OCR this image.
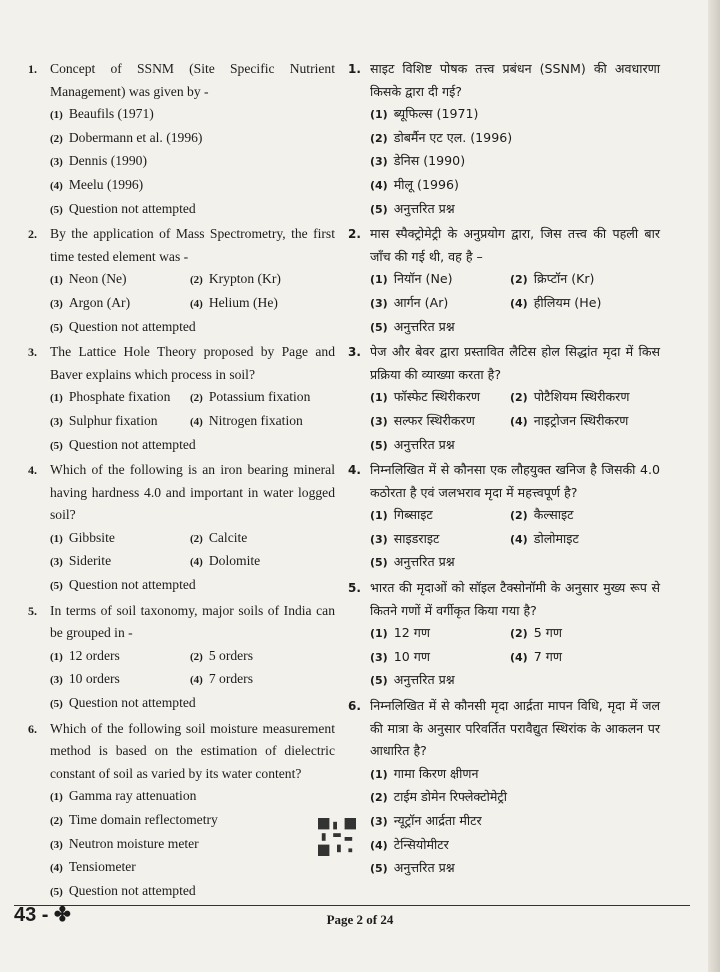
1. Concept of SSNM (Site Specific Nutrient Management) was given by -
(1) Beaufils (1971)
(2) Dobermann et al. (1996)
(3) Dennis (1990)
(4) Meelu (1996)
(5) Question not attempted
2. By the application of Mass Spectrometry, the first time tested element was -
(1) Neon (Ne)	(2) Krypton (Kr)
(3) Argon (Ar)	(4) Helium (He)
(5) Question not attempted
3. The Lattice Hole Theory proposed by Page and Baver explains which process in soil?
(1) Phosphate fixation	(2) Potassium fixation
(3) Sulphur fixation	(4) Nitrogen fixation
(5) Question not attempted
4. Which of the following is an iron bearing mineral having hardness 4.0 and important in water logged soil?
(1) Gibbsite	(2) Calcite
(3) Siderite	(4) Dolomite
(5) Question not attempted
5. In terms of soil taxonomy, major soils of India can be grouped in -
(1) 12 orders	(2) 5 orders
(3) 10 orders	(4) 7 orders
(5) Question not attempted
6. Which of the following soil moisture measurement method is based on the estimation of dielectric constant of soil as varied by its water content?
(1) Gamma ray attenuation
(2) Time domain reflectometry
(3) Neutron moisture meter
(4) Tensiometer
(5) Question not attempted
1. साइट विशिष्ट पोषक तत्त्व प्रबंधन (SSNM) की अवधारणा किसके द्वारा दी गई?
(1) ब्यूफिल्स (1971)
(2) डोबर्मैन एट एल. (1996)
(3) डेनिस (1990)
(4) मीलू (1996)
(5) अनुत्तरित प्रश्न
2. मास स्पैक्ट्रोमेट्री के अनुप्रयोग द्वारा, जिस तत्त्व की पहली बार जाँच की गई थी, वह है –
(1) नियॉन (Ne)	(2) क्रिप्टॉन (Kr)
(3) आर्गन (Ar)	(4) हीलियम (He)
(5) अनुत्तरित प्रश्न
3. पेज और बेवर द्वारा प्रस्तावित लैटिस होल सिद्धांत मृदा में किस प्रक्रिया की व्याख्या करता है?
(1) फॉस्फेट स्थिरीकरण	(2) पोटैशियम स्थिरीकरण
(3) सल्फर स्थिरीकरण	(4) नाइट्रोजन स्थिरीकरण
(5) अनुत्तरित प्रश्न
4. निम्नलिखित में से कौनसा एक लौहयुक्त खनिज है जिसकी 4.0 कठोरता है एवं जलभराव मृदा में महत्त्वपूर्ण है?
(1) गिब्साइट	(2) कैल्साइट
(3) साइडराइट	(4) डोलोमाइट
(5) अनुत्तरित प्रश्न
5. भारत की मृदाओं को सॉइल टैक्सोनॉमी के अनुसार मुख्य रूप से कितने गणों में वर्गीकृत किया गया है?
(1) 12 गण	(2) 5 गण
(3) 10 गण	(4) 7 गण
(5) अनुत्तरित प्रश्न
6. निम्नलिखित में से कौनसी मृदा आर्द्रता मापन विधि, मृदा में जल की मात्रा के अनुसार परिवर्तित परावैद्युत स्थिरांक के आकलन पर आधारित है?
(1) गामा किरण क्षीणन
(2) टाईम डोमेन रिफ्लेक्टोमेट्री
(3) न्यूट्रॉन आर्द्रता मीटर
(4) टेन्सियोमीटर
(5) अनुत्तरित प्रश्न
43 - ✤	Page 2 of 24
